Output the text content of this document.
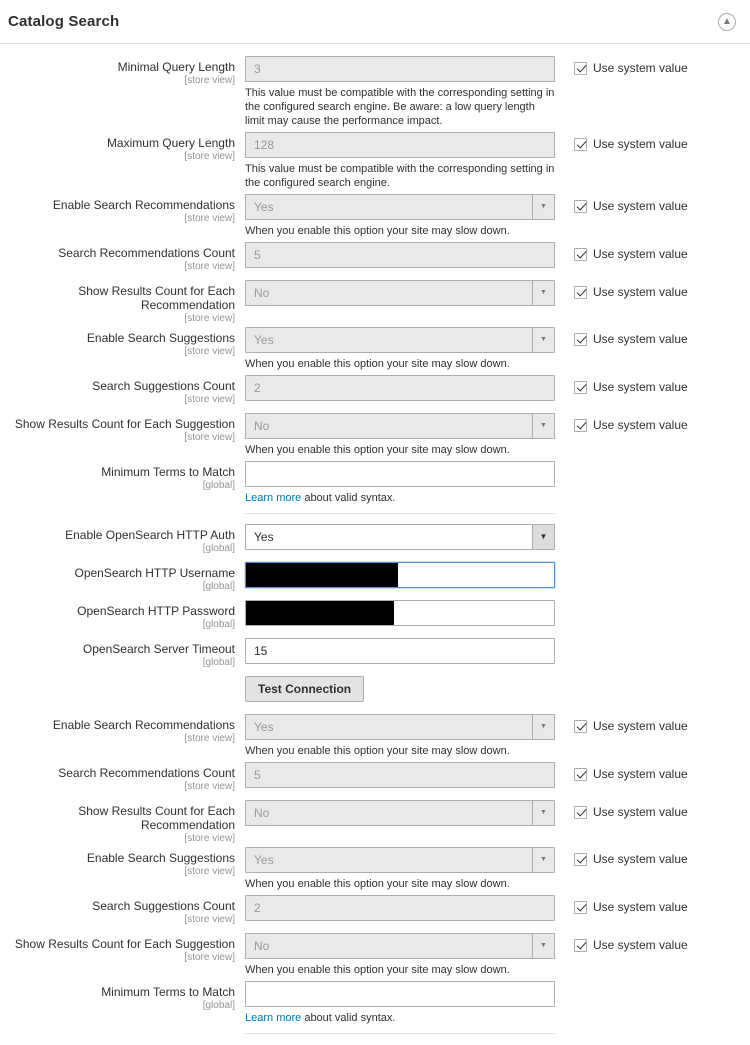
Catalog Search	▲
Minimal Query Length
[store view]
3
This value must be compatible with the corresponding setting in the configured search engine. Be aware: a low query length limit may cause the performance impact.
Use system value
Maximum Query Length
[store view]
128
This value must be compatible with the corresponding setting in the configured search engine.
Use system value
Enable Search Recommendations
[store view]
Yes	▼
When you enable this option your site may slow down.
Use system value
Search Recommendations Count
[store view]
5
Use system value
Show Results Count for Each Recommendation
[store view]
No	▼	Use system value
Enable Search Suggestions
[store view]
Yes	▼
When you enable this option your site may slow down.
Use system value
Search Suggestions Count
[store view]
2
Use system value
Show Results Count for Each Suggestion
[store view]
No	▼
When you enable this option your site may slow down.
Use system value
Minimum Terms to Match
[global]
Learn more about valid syntax.
Enable OpenSearch HTTP Auth
[global]
Yes	▼
OpenSearch HTTP Username
[global]
OpenSearch HTTP Password
[global]
OpenSearch Server Timeout
[global]
15
Test Connection
Enable Search Recommendations
[store view]
Yes	▼
When you enable this option your site may slow down.
Use system value
Search Recommendations Count
[store view]
5
Use system value
Show Results Count for Each Recommendation
[store view]
No	▼	Use system value
Enable Search Suggestions
[store view]
Yes	▼
When you enable this option your site may slow down.
Use system value
Search Suggestions Count
[store view]
2
Use system value
Show Results Count for Each Suggestion
[store view]
No	▼
When you enable this option your site may slow down.
Use system value
Minimum Terms to Match
[global]
Learn more about valid syntax.
